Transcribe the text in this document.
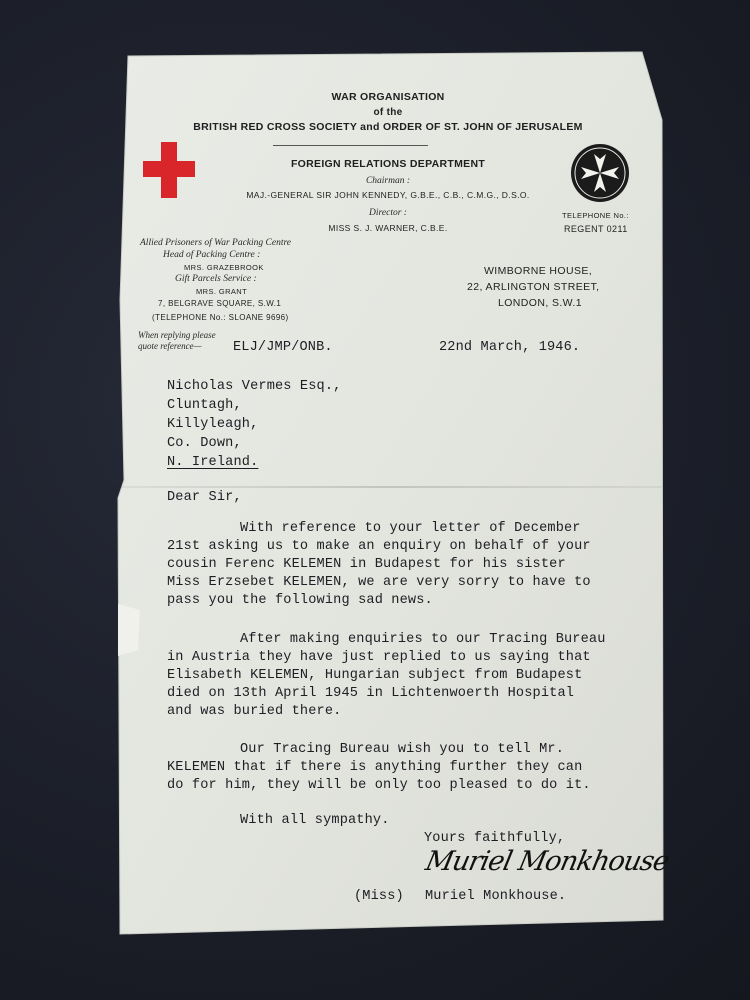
WAR ORGANISATION

of the

BRITISH RED CROSS SOCIETY and ORDER OF ST. JOHN OF JERUSALEM

FOREIGN RELATIONS DEPARTMENT

Chairman :

MAJ.-GENERAL SIR JOHN KENNEDY, G.B.E., C.B., C.M.G., D.S.O.

Director :

MISS S. J. WARNER, C.B.E.

TELEPHONE No.:

REGENT 0211

Allied Prisoners of War Packing Centre

Head of Packing Centre :

MRS. GRAZEBROOK

Gift Parcels Service :

MRS. GRANT

7, BELGRAVE SQUARE, S.W.1

(TELEPHONE No.: SLOANE 9696)

WIMBORNE HOUSE,

22, ARLINGTON STREET,

LONDON, S.W.1

When replying please

quote reference— ELJ/JMP/ONB.	22nd March, 1946.

Nicholas Vermes Esq.,

Cluntagh,

Killyleagh,

Co. Down,

N. Ireland.

Dear Sir,

With reference to your letter of December

21st asking us to make an enquiry on behalf of your

cousin Ferenc KELEMEN in Budapest for his sister

Miss Erzsebet KELEMEN, we are very sorry to have to

pass you the following sad news.

After making enquiries to our Tracing Bureau

in Austria they have just replied to us saying that

Elisabeth KELEMEN, Hungarian subject from Budapest

died on 13th April 1945 in Lichtenwoerth Hospital

and was buried there.

Our Tracing Bureau wish you to tell Mr.

KELEMEN that if there is anything further they can

do for him, they will be only too pleased to do it.

With all sympathy.

Yours faithfully,

Muriel Monkhouse

(Miss) Muriel Monkhouse.
